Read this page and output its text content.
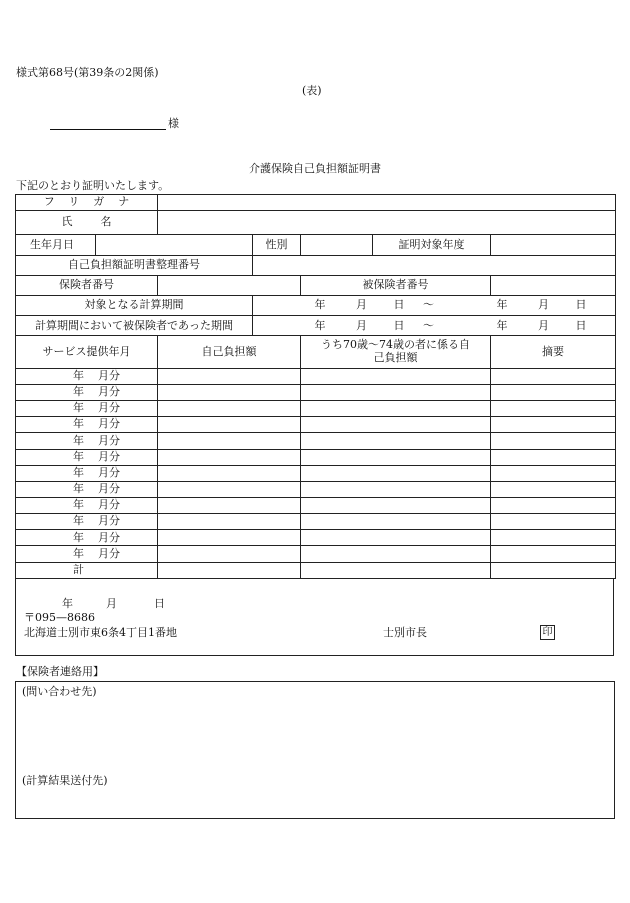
様式第68号(第39条の2関係)
(表)
様
介護保険自己負担額証明書
下記のとおり証明いたします。
フリガナ						
氏名						
生年月日			性別		証明対象年度	
自己負担額証明書整理番号						
保険者番号				被保険者番号		
対象となる計算期間			年 月 日 〜 年 月 日			
計算期間において被保険者であった期間			年 月 日 〜 年 月 日			
サービス提供年月		自己負担額		うち70歳〜74歳の者に係る自己負担額		摘要
年 月分						
年 月分						
年 月分						
年 月分						
年 月分						
年 月分						
年 月分						
年 月分						
年 月分						
年 月分						
年 月分						
年 月分						
計						
年	月	日
〒095—8686
北海道士別市東6条4丁目1番地	士別市長	印
【保険者連絡用】
(問い合わせ先)
(計算結果送付先)
